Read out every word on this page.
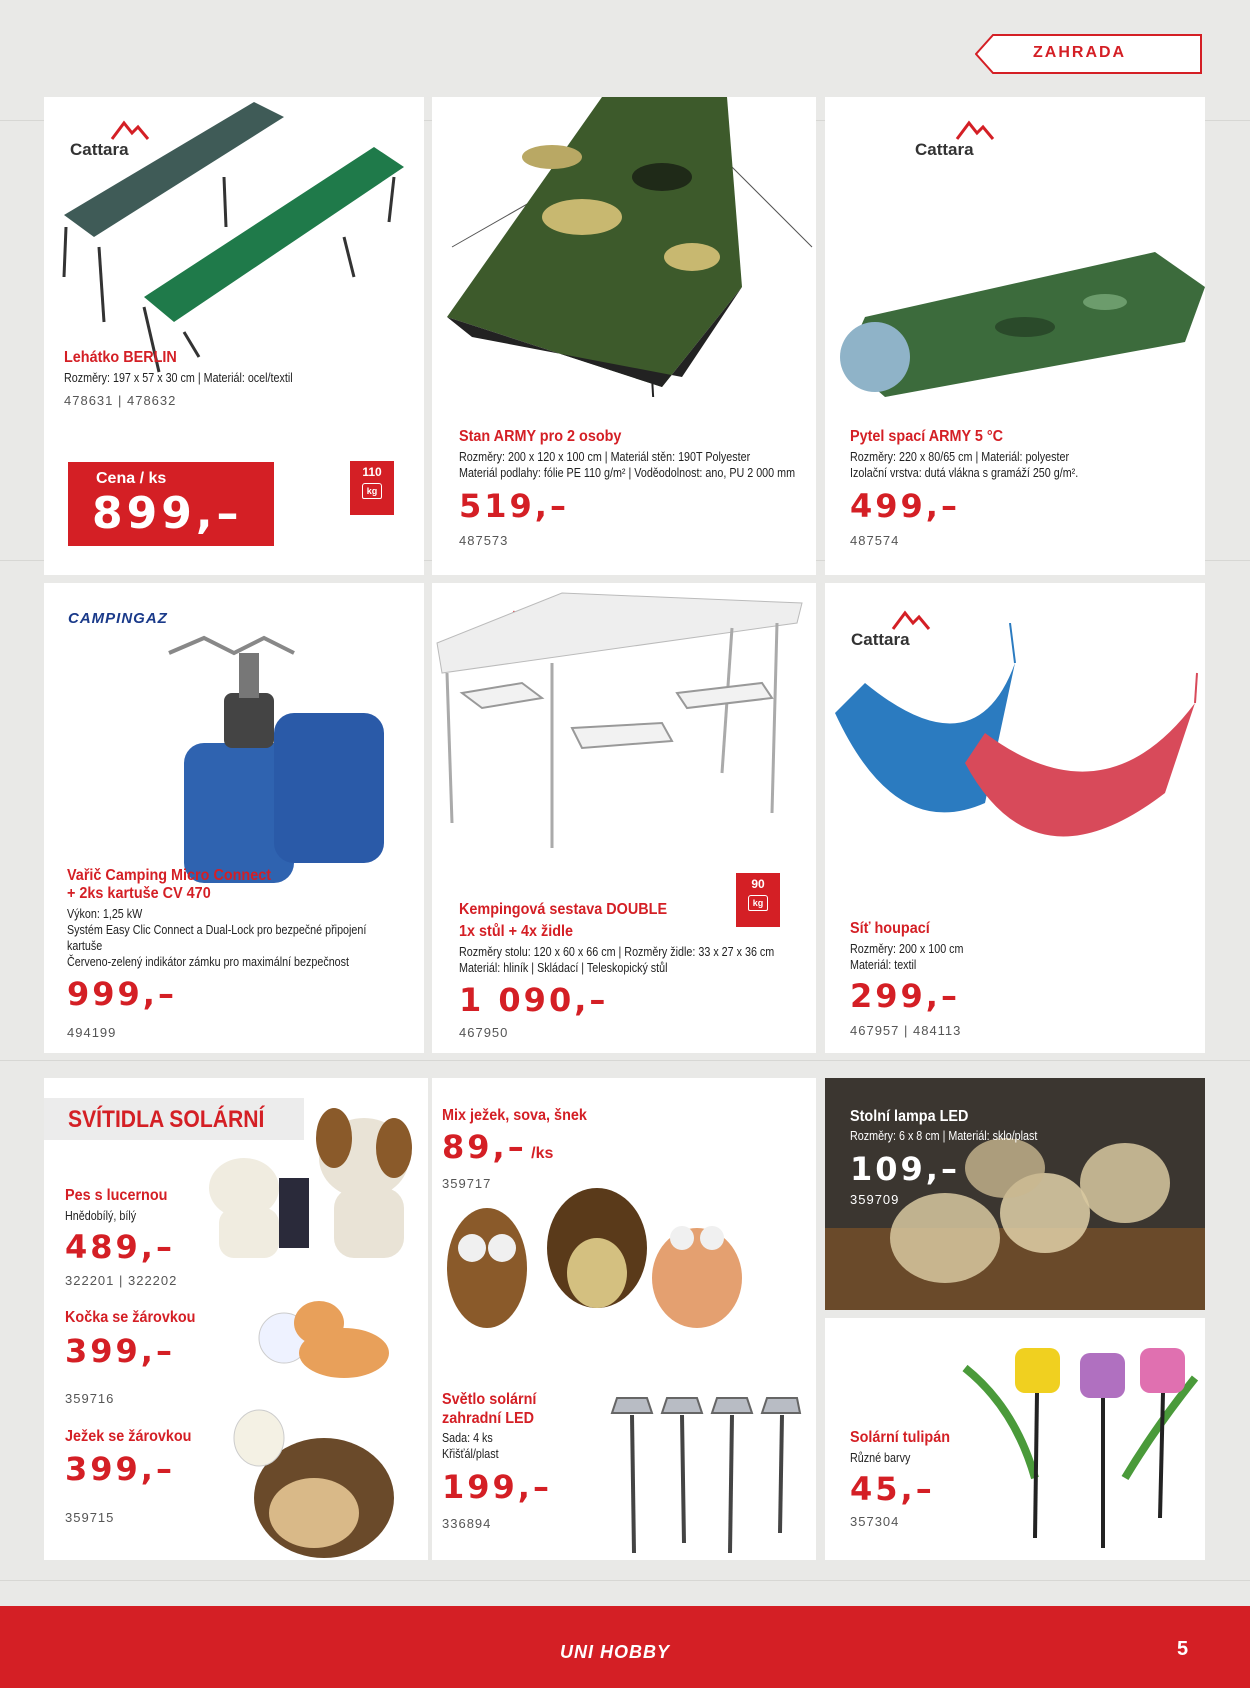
ZAHRADA
Cattara
Lehátko BERLIN
Rozměry: 197 x 57 x 30 cm | Materiál: ocel/textil
478631 | 478632
Cena / ks
899,–
110
kg
Stan ARMY pro 2 osoby
Rozměry: 200 x 120 x 100 cm | Materiál stěn: 190T Polyester
Materiál podlahy: fólie PE 110 g/m² | Voděodolnost: ano, PU 2 000 mm
519,–
487573
Cattara
Pytel spací ARMY 5 °C
Rozměry: 220 x 80/65 cm | Materiál: polyester
Izolační vrstva: dutá vlákna s gramáží 250 g/m².
499,–
487574
CAMPINGAZ
Vařič Camping Micro Connect
+ 2ks kartuše CV 470
Výkon: 1,25 kW
Systém Easy Clic Connect a Dual-Lock pro bezpečné připojení
kartuše
Červeno-zelený indikátor zámku pro maximální bezpečnost
999,–
494199
90
kg
Kempingová sestava DOUBLE
1x stůl + 4x židle
Rozměry stolu: 120 x 60 x 66 cm | Rozměry židle: 33 x 27 x 36 cm
Materiál: hliník | Skládací | Teleskopický stůl
1 090,–
467950
Cattara
Síť houpací
Rozměry: 200 x 100 cm
Materiál: textil
299,–
467957 | 484113
SVÍTIDLA SOLÁRNÍ
Pes s lucernou
Hnědobílý, bílý
489,–
322201 | 322202
Kočka se žárovkou
399,–
359716
Ježek se žárovkou
399,–
359715
Mix ježek, sova, šnek
89,– /ks
359717
Světlo solární
zahradní LED
Sada: 4 ks
Křišťál/plast
199,–
336894
Stolní lampa LED
Rozměry: 6 x 8 cm | Materiál: sklo/plast
109,–
359709
Solární tulipán
Různé barvy
45,–
357304
UNI HOBBY	5
